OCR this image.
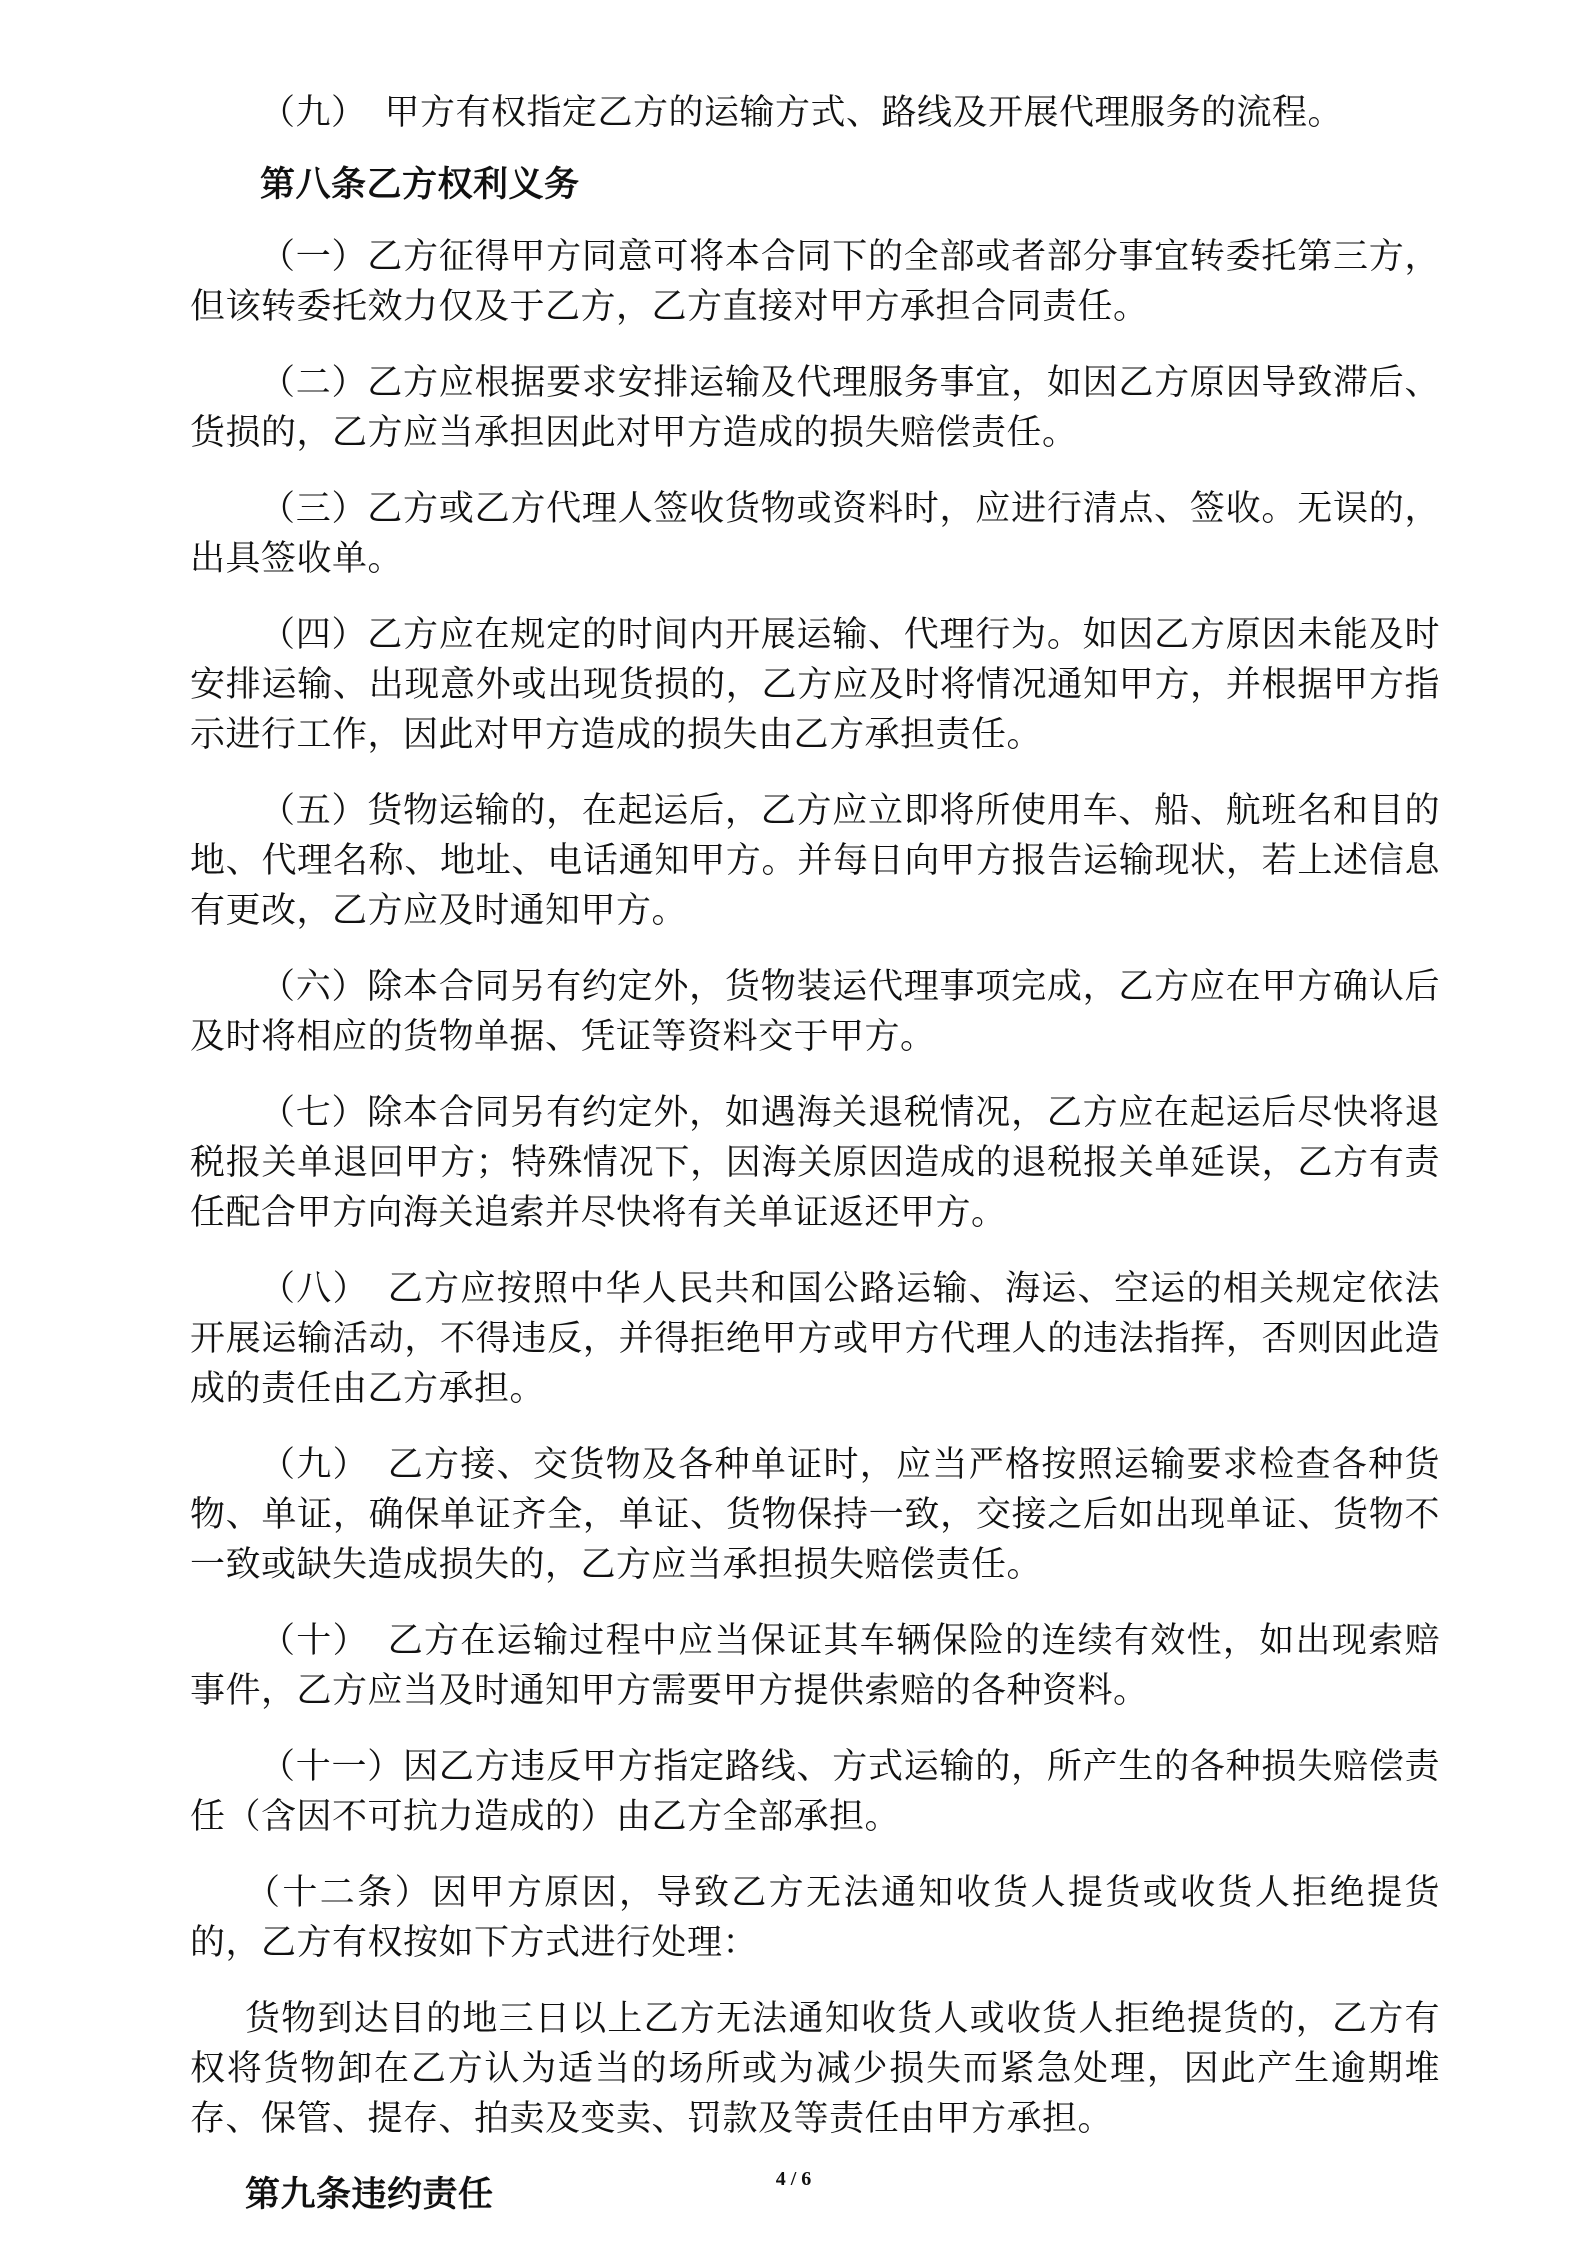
（九）　甲方有权指定乙方的运输方式、路线及开展代理服务的流程。

第八条乙方权利义务

（一）乙方征得甲方同意可将本合同下的全部或者部分事宜转委托第三方，但该转委托效力仅及于乙方，乙方直接对甲方承担合同责任。

（二）乙方应根据要求安排运输及代理服务事宜，如因乙方原因导致滞后、货损的，乙方应当承担因此对甲方造成的损失赔偿责任。

（三）乙方或乙方代理人签收货物或资料时，应进行清点、签收。无误的，出具签收单。

（四）乙方应在规定的时间内开展运输、代理行为。如因乙方原因未能及时安排运输、出现意外或出现货损的，乙方应及时将情况通知甲方，并根据甲方指示进行工作，因此对甲方造成的损失由乙方承担责任。

（五）货物运输的，在起运后，乙方应立即将所使用车、船、航班名和目的地、代理名称、地址、电话通知甲方。并每日向甲方报告运输现状，若上述信息有更改，乙方应及时通知甲方。

（六）除本合同另有约定外，货物装运代理事项完成，乙方应在甲方确认后及时将相应的货物单据、凭证等资料交于甲方。

（七）除本合同另有约定外，如遇海关退税情况，乙方应在起运后尽快将退税报关单退回甲方；特殊情况下，因海关原因造成的退税报关单延误，乙方有责任配合甲方向海关追索并尽快将有关单证返还甲方。

（八）　乙方应按照中华人民共和国公路运输、海运、空运的相关规定依法开展运输活动，不得违反，并得拒绝甲方或甲方代理人的违法指挥，否则因此造成的责任由乙方承担。

（九）　乙方接、交货物及各种单证时，应当严格按照运输要求检查各种货物、单证，确保单证齐全，单证、货物保持一致，交接之后如出现单证、货物不一致或缺失造成损失的，乙方应当承担损失赔偿责任。

（十）　乙方在运输过程中应当保证其车辆保险的连续有效性，如出现索赔事件，乙方应当及时通知甲方需要甲方提供索赔的各种资料。

（十一）因乙方违反甲方指定路线、方式运输的，所产生的各种损失赔偿责任（含因不可抗力造成的）由乙方全部承担。

（十二条）因甲方原因，导致乙方无法通知收货人提货或收货人拒绝提货的，乙方有权按如下方式进行处理：

货物到达目的地三日以上乙方无法通知收货人或收货人拒绝提货的，乙方有权将货物卸在乙方认为适当的场所或为减少损失而紧急处理，因此产生逾期堆存、保管、提存、拍卖及变卖、罚款及等责任由甲方承担。

第九条违约责任	4 / 6
